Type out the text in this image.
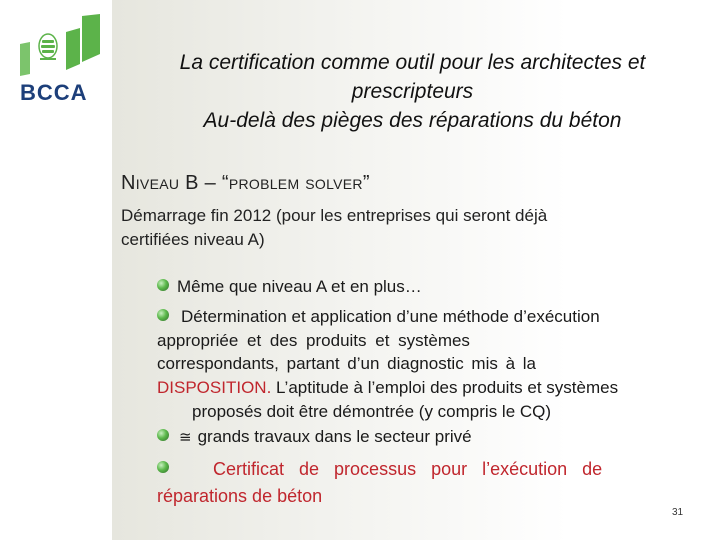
BCCA
La certification comme outil pour les architectes et
prescripteurs
Au-delà des pièges des réparations du béton
Niveau B – “problem solver”
Démarrage fin 2012 (pour les entreprises qui seront déjà
certifiées niveau A)
Même que niveau A et en plus…
Détermination et application d’une méthode d’exécution
appropriée et des produits et systèmes
correspondants, partant d’un diagnostic mis à la
DISPOSITION. L’aptitude à l’emploi des produits et systèmes
proposés doit être démontrée (y compris le CQ)
≅ grands travaux dans le secteur privé
Certificat de processus pour l’exécution de
réparations de béton
31
